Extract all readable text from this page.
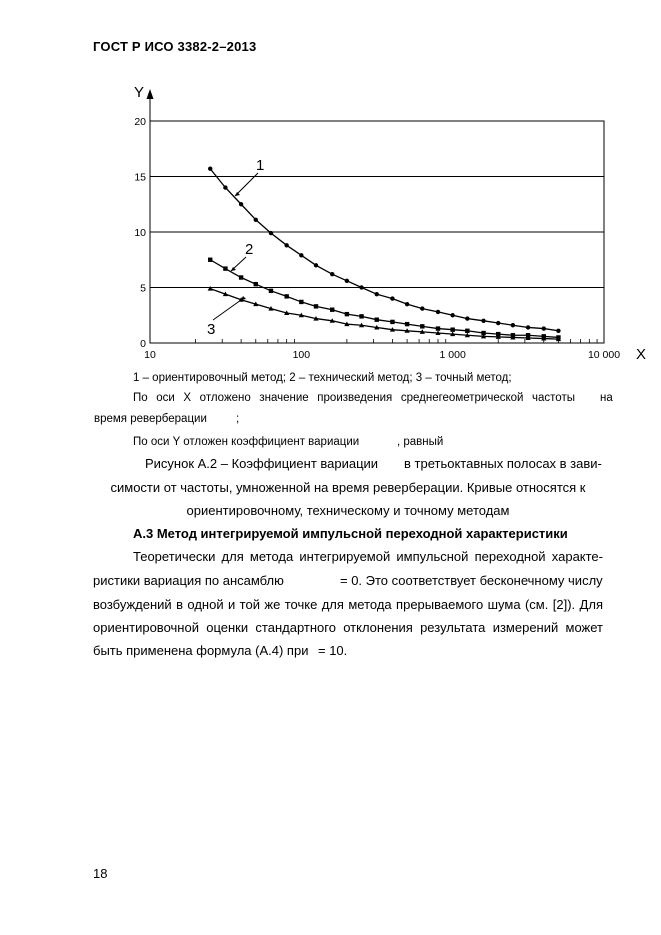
ГОСТ Р ИСО 3382-2–2013
Y
0
5
10
15
20
10	100	1 000	10 000 X
1
2
3
1 – ориентировочный метод; 2 – технический метод; 3 – точный метод;
По оси X отложено значение произведения среднегеометрической частоты на
время реверберации	;
По оси Y отложен коэффициент вариации	, равный
Рисунок А.2 – Коэффициент вариации в третьоктавных полосах в зави-
симости от частоты, умноженной на время реверберации. Кривые относятся к
ориентировочному, техническому и точному методам
А.3 Метод интегрируемой импульсной переходной характеристики
Теоретически для метода интегрируемой импульсной переходной характе-
ристики вариация по ансамблю	= 0. Это соответствует бесконечному числу
возбуждений в одной и той же точке для метода прерываемого шума (см. [2]). Для
ориентировочной оценки стандартного отклонения результата измерений может
быть применена формула (А.4) при = 10.
18
